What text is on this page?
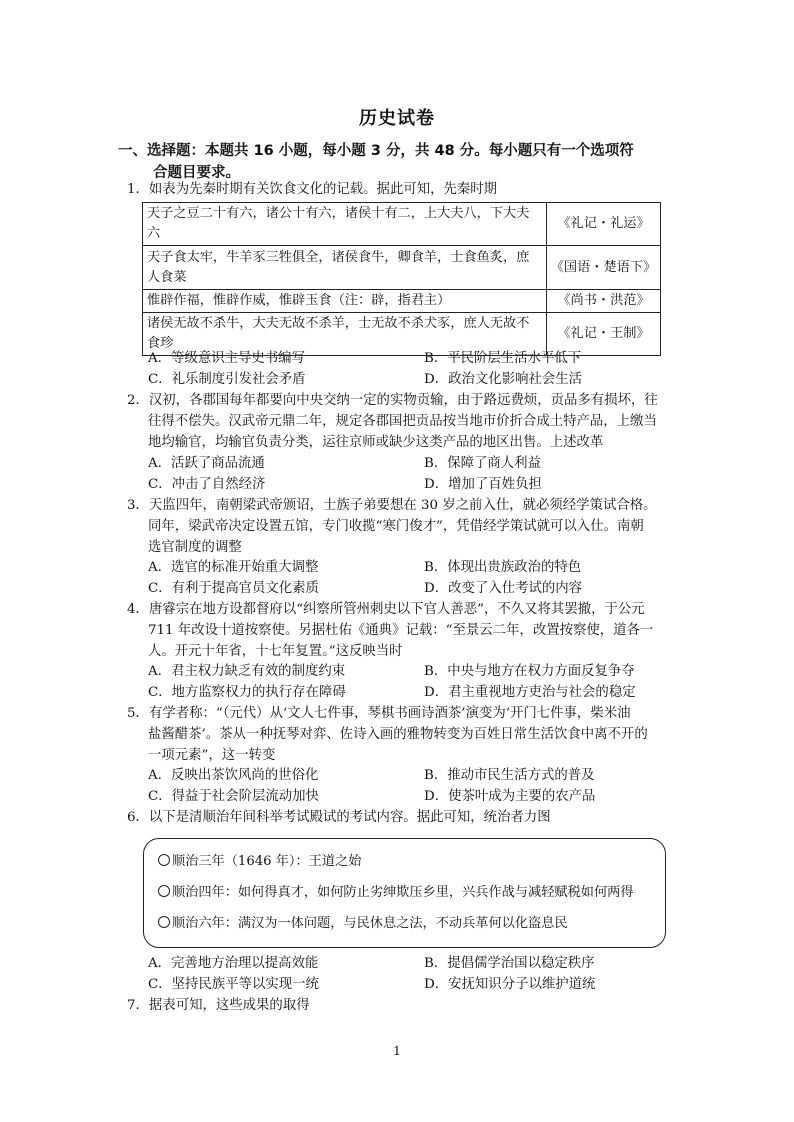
历史试卷
一、选择题：本题共 16 小题，每小题 3 分，共 48 分。每小题只有一个选项符
合题目要求。
1．如表为先秦时期有关饮食文化的记载。据此可知，先秦时期
天子之豆二十有六，诸公十有六，诸侯十有二，上大夫八，下大夫六	《礼记・礼运》
天子食太牢，牛羊豕三牲俱全，诸侯食牛，卿食羊，士食鱼炙，庶人食菜	《国语・楚语下》
惟辟作福，惟辟作威，惟辟玉食（注：辟，指君主）	《尚书・洪范》
诸侯无故不杀牛，大夫无故不杀羊，士无故不杀犬豕，庶人无故不食珍	《礼记・王制》
A．等级意识主导史书编写	B．平民阶层生活水平低下
C．礼乐制度引发社会矛盾	D．政治文化影响社会生活
2．汉初，各郡国每年都要向中央交纳一定的实物贡输，由于路远费烦，贡品多有损坏，往
往得不偿失。汉武帝元鼎二年，规定各郡国把贡品按当地市价折合成土特产品，上缴当
地均输官，均输官负责分类，运往京师或缺少这类产品的地区出售。上述改革
A．活跃了商品流通	B．保障了商人利益
C．冲击了自然经济	D．增加了百姓负担
3．天监四年，南朝梁武帝颁诏，士族子弟要想在 30 岁之前入仕，就必须经学策试合格。
同年，梁武帝决定设置五馆，专门收揽“寒门俊才”，凭借经学策试就可以入仕。南朝
选官制度的调整
A．选官的标准开始重大调整	B．体现出贵族政治的特色
C．有利于提高官员文化素质	D．改变了入仕考试的内容
4．唐睿宗在地方设都督府以“纠察所管州刺史以下官人善恶”，不久又将其罢撤，于公元
711 年改设十道按察使。另据杜佑《通典》记载：“至景云二年，改置按察使，道各一
人。开元十年省，十七年复置。”这反映当时
A．君主权力缺乏有效的制度约束	B．中央与地方在权力方面反复争夺
C．地方监察权力的执行存在障碍	D．君主重视地方吏治与社会的稳定
5．有学者称：“（元代）从‘文人七件事，琴棋书画诗酒茶’演变为‘开门七件事，柴米油
盐酱醋茶’。茶从一种抚琴对弈、佐诗入画的雅物转变为百姓日常生活饮食中离不开的
一项元素”，这一转变
A．反映出茶饮风尚的世俗化	B．推动市民生活方式的普及
C．得益于社会阶层流动加快	D．使茶叶成为主要的农产品
6．以下是清顺治年间科举考试殿试的考试内容。据此可知，统治者力图
顺治三年（1646 年）：王道之始
顺治四年：如何得真才，如何防止劣绅欺压乡里，兴兵作战与减轻赋税如何两得
顺治六年：满汉为一体问题，与民休息之法，不动兵革何以化盗息民
A．完善地方治理以提高效能	B．提倡儒学治国以稳定秩序
C．坚持民族平等以实现一统	D．安抚知识分子以维护道统
7．据表可知，这些成果的取得
1
